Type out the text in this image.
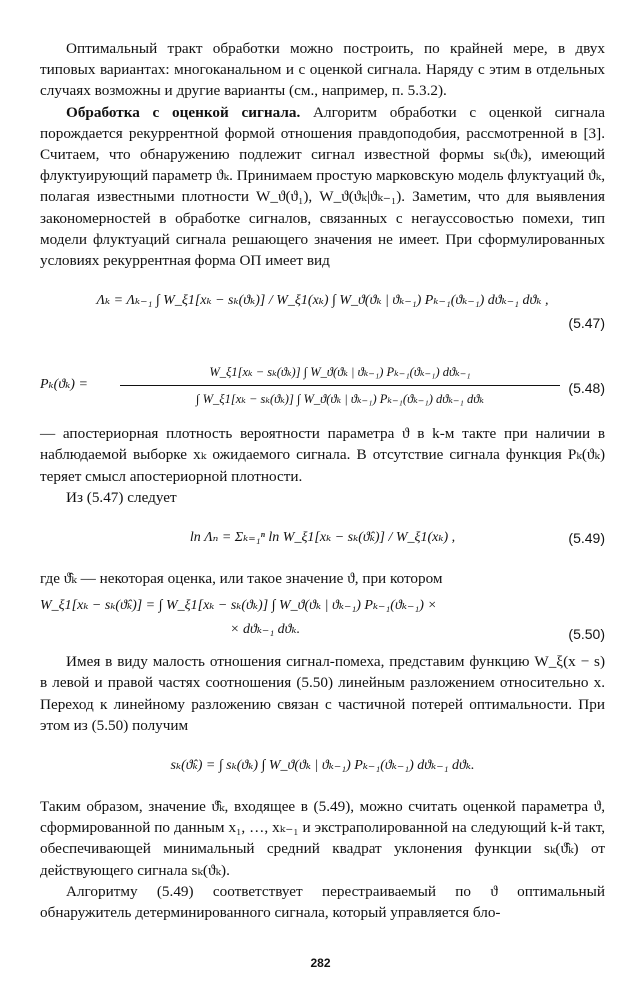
Оптимальный тракт обработки можно построить, по крайней мере, в двух типовых вариантах: многоканальном и с оценкой сигнала. Наряду с этим в отдельных случаях возможны и другие варианты (см., например, п. 5.3.2).

Обработка с оценкой сигнала. Алгоритм обработки с оценкой сигнала порождается рекуррентной формой отношения правдоподобия, рассмотренной в [3]. Считаем, что обнаружению подлежит сигнал известной формы sₖ(ϑₖ), имеющий флуктуирующий параметр ϑₖ. Принимаем простую марковскую модель флуктуаций ϑₖ, полагая известными плотности W_ϑ(ϑ₁), W_ϑ(ϑₖ|ϑₖ₋₁). Заметим, что для выявления закономерностей в обработке сигналов, связанных с негауссовостью помехи, тип модели флуктуаций сигнала решающего значения не имеет. При сформулированных условиях рекуррентная форма ОП имеет вид

Λₖ = Λₖ₋₁ ∫ W_ξ1[xₖ − sₖ(ϑₖ)] / W_ξ1(xₖ) ∫ W_ϑ(ϑₖ | ϑₖ₋₁) Pₖ₋₁(ϑₖ₋₁) dϑₖ₋₁ dϑₖ ,
(5.47)
Pₖ(ϑₖ) =
W_ξ1[xₖ − sₖ(ϑₖ)] ∫ W_ϑ(ϑₖ | ϑₖ₋₁) Pₖ₋₁(ϑₖ₋₁) dϑₖ₋₁
∫ W_ξ1[xₖ − sₖ(ϑₖ)] ∫ W_ϑ(ϑₖ | ϑₖ₋₁) Pₖ₋₁(ϑₖ₋₁) dϑₖ₋₁ dϑₖ
(5.48)

— апостериорная плотность вероятности параметра ϑ в k-м такте при наличии в наблюдаемой выборке xₖ ожидаемого сигнала. В отсутствие сигнала функция Pₖ(ϑₖ) теряет смысл апостериорной плотности.

Из (5.47) следует

ln Λₙ = Σₖ₌₁ⁿ ln W_ξ1[xₖ − sₖ(ϑ̂ₖ)] / W_ξ1(xₖ) ,	(5.49)

где ϑ̂ₖ — некоторая оценка, или такое значение ϑ, при котором

W_ξ1[xₖ − sₖ(ϑ̂ₖ)] = ∫ W_ξ1[xₖ − sₖ(ϑₖ)] ∫ W_ϑ(ϑₖ | ϑₖ₋₁) Pₖ₋₁(ϑₖ₋₁) ×
× dϑₖ₋₁ dϑₖ.	(5.50)

Имея в виду малость отношения сигнал-помеха, представим функцию W_ξ(x − s) в левой и правой частях соотношения (5.50) линейным разложением относительно x. Переход к линейному разложению связан с частичной потерей оптимальности. При этом из (5.50) получим

sₖ(ϑ̂ₖ) = ∫ sₖ(ϑₖ) ∫ W_ϑ(ϑₖ | ϑₖ₋₁) Pₖ₋₁(ϑₖ₋₁) dϑₖ₋₁ dϑₖ.

Таким образом, значение ϑ̂ₖ, входящее в (5.49), можно считать оценкой параметра ϑ, сформированной по данным x₁, …, xₖ₋₁ и экстраполированной на следующий k-й такт, обеспечивающей минимальный средний квадрат уклонения функции sₖ(ϑ̂ₖ) от действующего сигнала sₖ(ϑₖ).

Алгоритму (5.49) соответствует перестраиваемый по ϑ оптимальный обнаружитель детерминированного сигнала, который управляется бло-

282
